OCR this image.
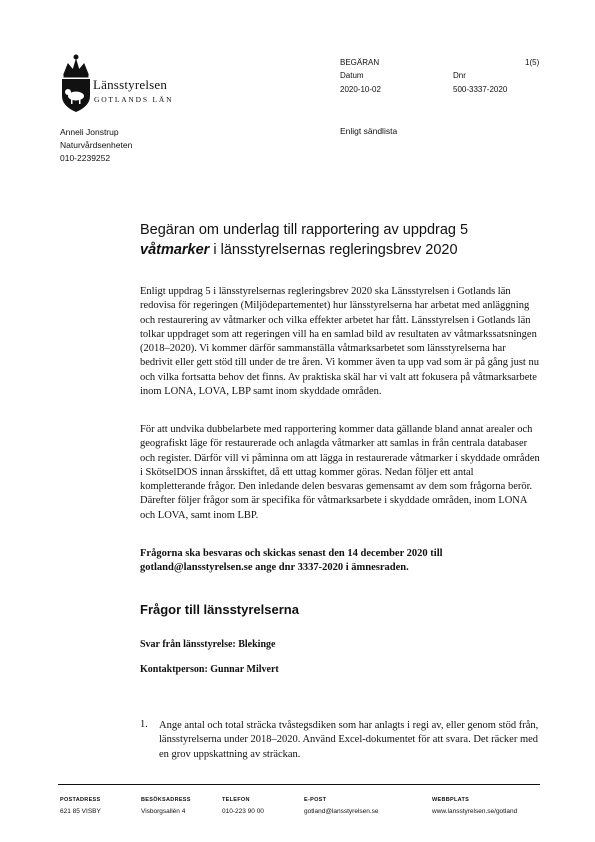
Länsstyrelsen
GOTLANDS LÄN
BEGÄRAN	1(5)
Datum	Dnr
2020-10-02	500-3337-2020
Anneli Jonstrup
Naturvårdsenheten
010-2239252
Enligt sändlista
Begäran om underlag till rapportering av uppdrag 5
våtmarker i länsstyrelsernas regleringsbrev 2020
Enligt uppdrag 5 i länsstyrelsernas regleringsbrev 2020 ska Länsstyrelsen i Gotlands län redovisa för regeringen (Miljödepartementet) hur länsstyrelserna har arbetat med anläggning och restaurering av våtmarker och vilka effekter arbetet har fått. Länsstyrelsen i Gotlands län tolkar uppdraget som att regeringen vill ha en samlad bild av resultaten av våtmarkssatsningen (2018–2020). Vi kommer därför sammanställa våtmarksarbetet som länsstyrelserna har bedrivit eller gett stöd till under de tre åren. Vi kommer även ta upp vad som är på gång just nu och vilka fortsatta behov det finns. Av praktiska skäl har vi valt att fokusera på våtmarksarbete inom LONA, LOVA, LBP samt inom skyddade områden.
För att undvika dubbelarbete med rapportering kommer data gällande bland annat arealer och geografiskt läge för restaurerade och anlagda våtmarker att samlas in från centrala databaser och register. Därför vill vi påminna om att lägga in restaurerade våtmarker i skyddade områden i SkötselDOS innan årsskiftet, då ett uttag kommer göras. Nedan följer ett antal kompletterande frågor. Den inledande delen besvaras gemensamt av dem som frågorna berör. Därefter följer frågor som är specifika för våtmarksarbete i skyddade områden, inom LONA och LOVA, samt inom LBP.
Frågorna ska besvaras och skickas senast den 14 december 2020 till gotland@lansstyrelsen.se ange dnr 3337-2020 i ämnesraden.
Frågor till länsstyrelserna
Svar från länsstyrelse: Blekinge
Kontaktperson: Gunnar Milvert
1. Ange antal och total sträcka tvåstegsdiken som har anlagts i regi av, eller genom stöd från, länsstyrelserna under 2018–2020. Använd Excel-dokumentet för att svara. Det räcker med en grov uppskattning av sträckan.
POSTADRESS
621 85 VISBY
BESÖKSADRESS
Visborgsallén 4
TELEFON
010-223 90 00
E-POST
gotland@lansstyrelsen.se
WEBBPLATS
www.lansstyrelsen.se/gotland
